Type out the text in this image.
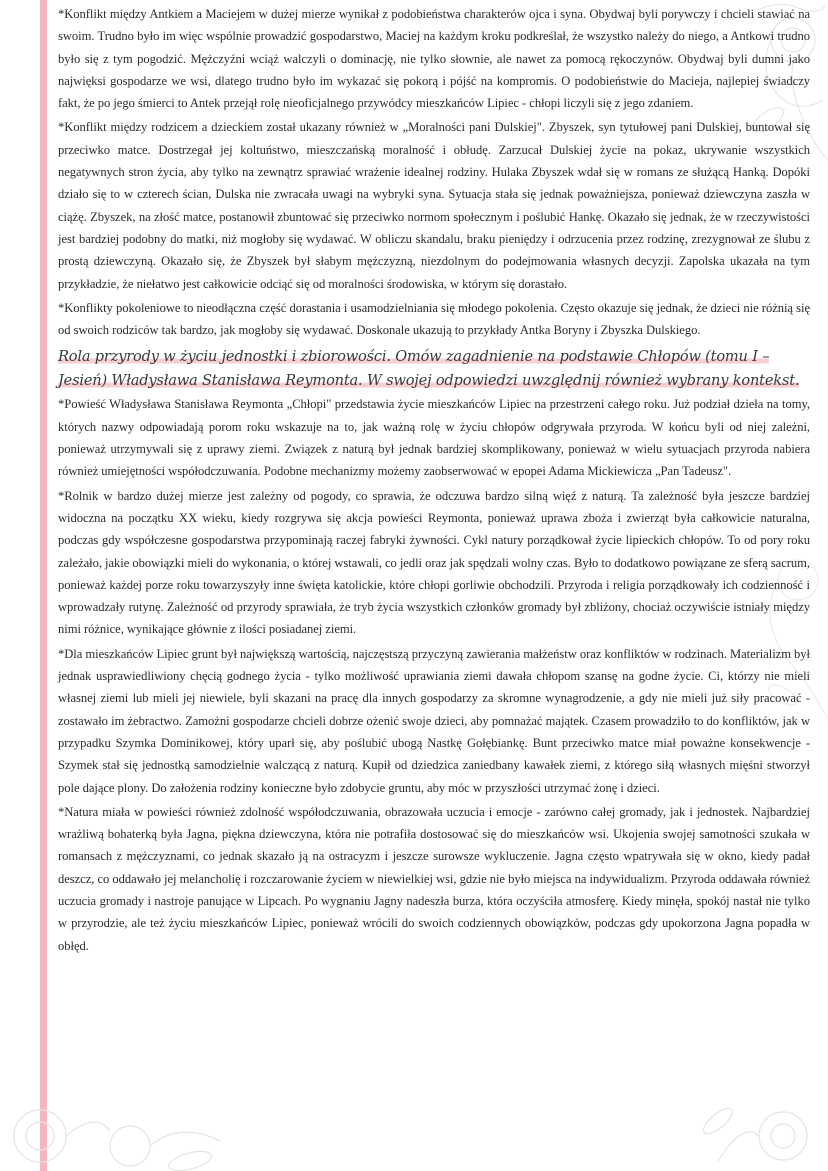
*Konflikt między Antkiem a Maciejem w dużej mierze wynikał z podobieństwa charakterów ojca i syna. Obydwaj byli porywczy i chcieli stawiać na swoim. Trudno było im więc wspólnie prowadzić gospodarstwo, Maciej na każdym kroku podkreślał, że wszystko należy do niego, a Antkowi trudno było się z tym pogodzić. Mężczyźni wciąż walczyli o dominację, nie tylko słownie, ale nawet za pomocą rękoczynów. Obydwaj byli dumni jako najwięksi gospodarze we wsi, dlatego trudno było im wykazać się pokorą i pójść na kompromis. O podobieństwie do Macieja, najlepiej świadczy fakt, że po jego śmierci to Antek przejął rolę nieoficjalnego przywódcy mieszkańców Lipiec - chłopi liczyli się z jego zdaniem.

*Konflikt między rodzicem a dzieckiem został ukazany również w „Moralności pani Dulskiej". Zbyszek, syn tytułowej pani Dulskiej, buntował się przeciwko matce. Dostrzegał jej koltuństwo, mieszczańską moralność i obłudę. Zarzucał Dulskiej życie na pokaz, ukrywanie wszystkich negatywnych stron życia, aby tylko na zewnątrz sprawiać wrażenie idealnej rodziny. Hulaka Zbyszek wdał się w romans ze służącą Hanką. Dopóki działo się to w czterech ścian, Dulska nie zwracała uwagi na wybryki syna. Sytuacja stała się jednak poważniejsza, ponieważ dziewczyna zaszła w ciążę. Zbyszek, na złość matce, postanowił zbuntować się przeciwko normom społecznym i poślubić Hankę. Okazało się jednak, że w rzeczywistości jest bardziej podobny do matki, niż mogłoby się wydawać. W obliczu skandalu, braku pieniędzy i odrzucenia przez rodzinę, zrezygnował ze ślubu z prostą dziewczyną. Okazało się, że Zbyszek był słabym mężczyzną, niezdolnym do podejmowania własnych decyzji. Zapolska ukazała na tym przykładzie, że niełatwo jest całkowicie odciąć się od moralności środowiska, w którym się dorastało.

*Konflikty pokoleniowe to nieodłączna część dorastania i usamodzielniania się młodego pokolenia. Często okazuje się jednak, że dzieci nie różnią się od swoich rodziców tak bardzo, jak mogłoby się wydawać. Doskonale ukazują to przykłady Antka Boryny i Zbyszka Dulskiego.

Rola przyrody w życiu jednostki i zbiorowości. Omów zagadnienie na podstawie Chłopów (tomu I – Jesień) Władysława Stanisława Reymonta. W swojej odpowiedzi uwzględnij również wybrany kontekst.

*Powieść Władysława Stanisława Reymonta „Chłopi" przedstawia życie mieszkańców Lipiec na przestrzeni całego roku. Już podział dzieła na tomy, których nazwy odpowiadają porom roku wskazuje na to, jak ważną rolę w życiu chłopów odgrywała przyroda. W końcu byli od niej zależni, ponieważ utrzymywali się z uprawy ziemi. Związek z naturą był jednak bardziej skomplikowany, ponieważ w wielu sytuacjach przyroda nabiera również umiejętności współodczuwania. Podobne mechanizmy możemy zaobserwować w epopei Adama Mickiewicza „Pan Tadeusz".

*Rolnik w bardzo dużej mierze jest zależny od pogody, co sprawia, że odczuwa bardzo silną więź z naturą. Ta zależność była jeszcze bardziej widoczna na początku XX wieku, kiedy rozgrywa się akcja powieści Reymonta, ponieważ uprawa zboża i zwierząt była całkowicie naturalna, podczas gdy współczesne gospodarstwa przypominają raczej fabryki żywności. Cykl natury porządkował życie lipieckich chłopów. To od pory roku zależało, jakie obowiązki mieli do wykonania, o której wstawali, co jedli oraz jak spędzali wolny czas. Było to dodatkowo powiązane ze sferą sacrum, ponieważ każdej porze roku towarzyszyły inne święta katolickie, które chłopi gorliwie obchodzili. Przyroda i religia porządkowały ich codzienność i wprowadzały rutynę. Zależność od przyrody sprawiała, że tryb życia wszystkich członków gromady był zbliżony, chociaż oczywiście istniały między nimi różnice, wynikające głównie z ilości posiadanej ziemi.

*Dla mieszkańców Lipiec grunt był największą wartością, najczęstszą przyczyną zawierania małżeństw oraz konfliktów w rodzinach. Materializm był jednak usprawiedliwiony chęcią godnego życia - tylko możliwość uprawiania ziemi dawała chłopom szansę na godne życie. Ci, którzy nie mieli własnej ziemi lub mieli jej niewiele, byli skazani na pracę dla innych gospodarzy za skromne wynagrodzenie, a gdy nie mieli już siły pracować - zostawało im żebractwo. Zamożni gospodarze chcieli dobrze ożenić swoje dzieci, aby pomnażać majątek. Czasem prowadziło to do konfliktów, jak w przypadku Szymka Dominikowej, który uparł się, aby poślubić ubogą Nastkę Gołębiankę. Bunt przeciwko matce miał poważne konsekwencje - Szymek stał się jednostką samodzielnie walczącą z naturą. Kupił od dziedzica zaniedbany kawałek ziemi, z którego siłą własnych mięśni stworzył pole dające plony. Do założenia rodziny konieczne było zdobycie gruntu, aby móc w przyszłości utrzymać żonę i dzieci.

*Natura miała w powieści również zdolność współodczuwania, obrazowała uczucia i emocje - zarówno całej gromady, jak i jednostek. Najbardziej wrażliwą bohaterką była Jagna, piękna dziewczyna, która nie potrafiła dostosować się do mieszkańców wsi. Ukojenia swojej samotności szukała w romansach z mężczyznami, co jednak skazało ją na ostracyzm i jeszcze surowsze wykluczenie. Jagna często wpatrywała się w okno, kiedy padał deszcz, co oddawało jej melancholię i rozczarowanie życiem w niewielkiej wsi, gdzie nie było miejsca na indywidualizm. Przyroda oddawała również uczucia gromady i nastroje panujące w Lipcach. Po wygnaniu Jagny nadeszła burza, która oczyściła atmosferę. Kiedy minęła, spokój nastał nie tylko w przyrodzie, ale też życiu mieszkańców Lipiec, ponieważ wrócili do swoich codziennych obowiązków, podczas gdy upokorzona Jagna popadła w obłęd.
